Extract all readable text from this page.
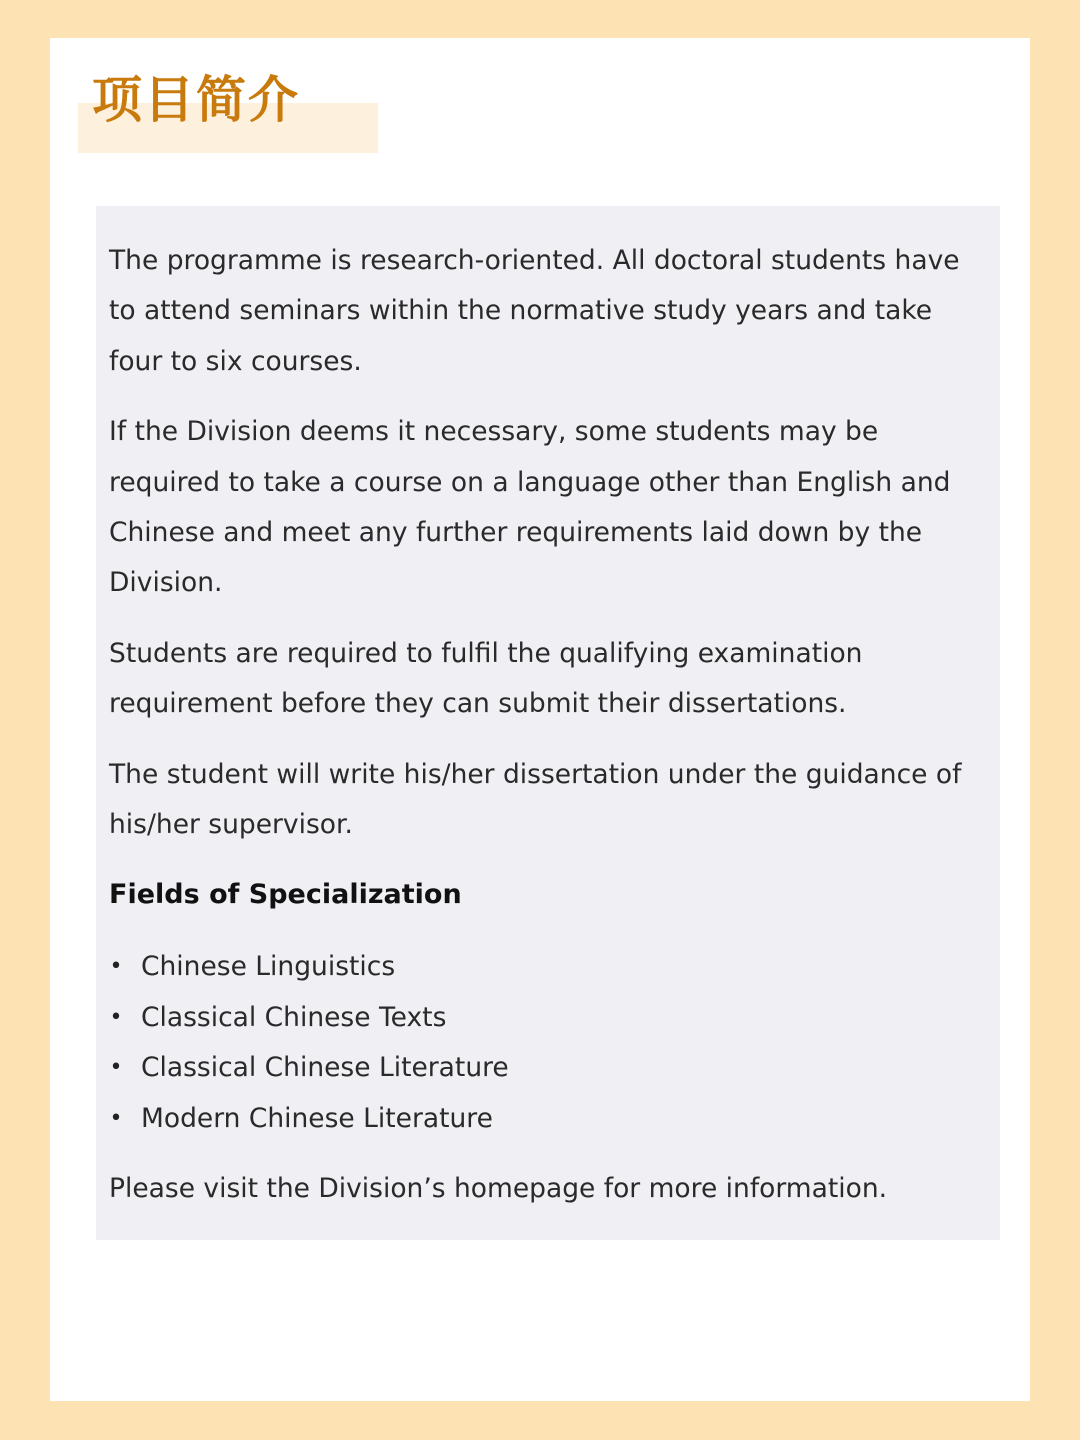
项目简介

The programme is research-oriented. All doctoral students have to attend seminars within the normative study years and take four to six courses.

If the Division deems it necessary, some students may be required to take a course on a language other than English and Chinese and meet any further requirements laid down by the Division.

Students are required to fulfil the qualifying examination requirement before they can submit their dissertations.

The student will write his/her dissertation under the guidance of his/her supervisor.

Fields of Specialization
• Chinese Linguistics
• Classical Chinese Texts
• Classical Chinese Literature
• Modern Chinese Literature

Please visit the Division’s homepage for more information.
